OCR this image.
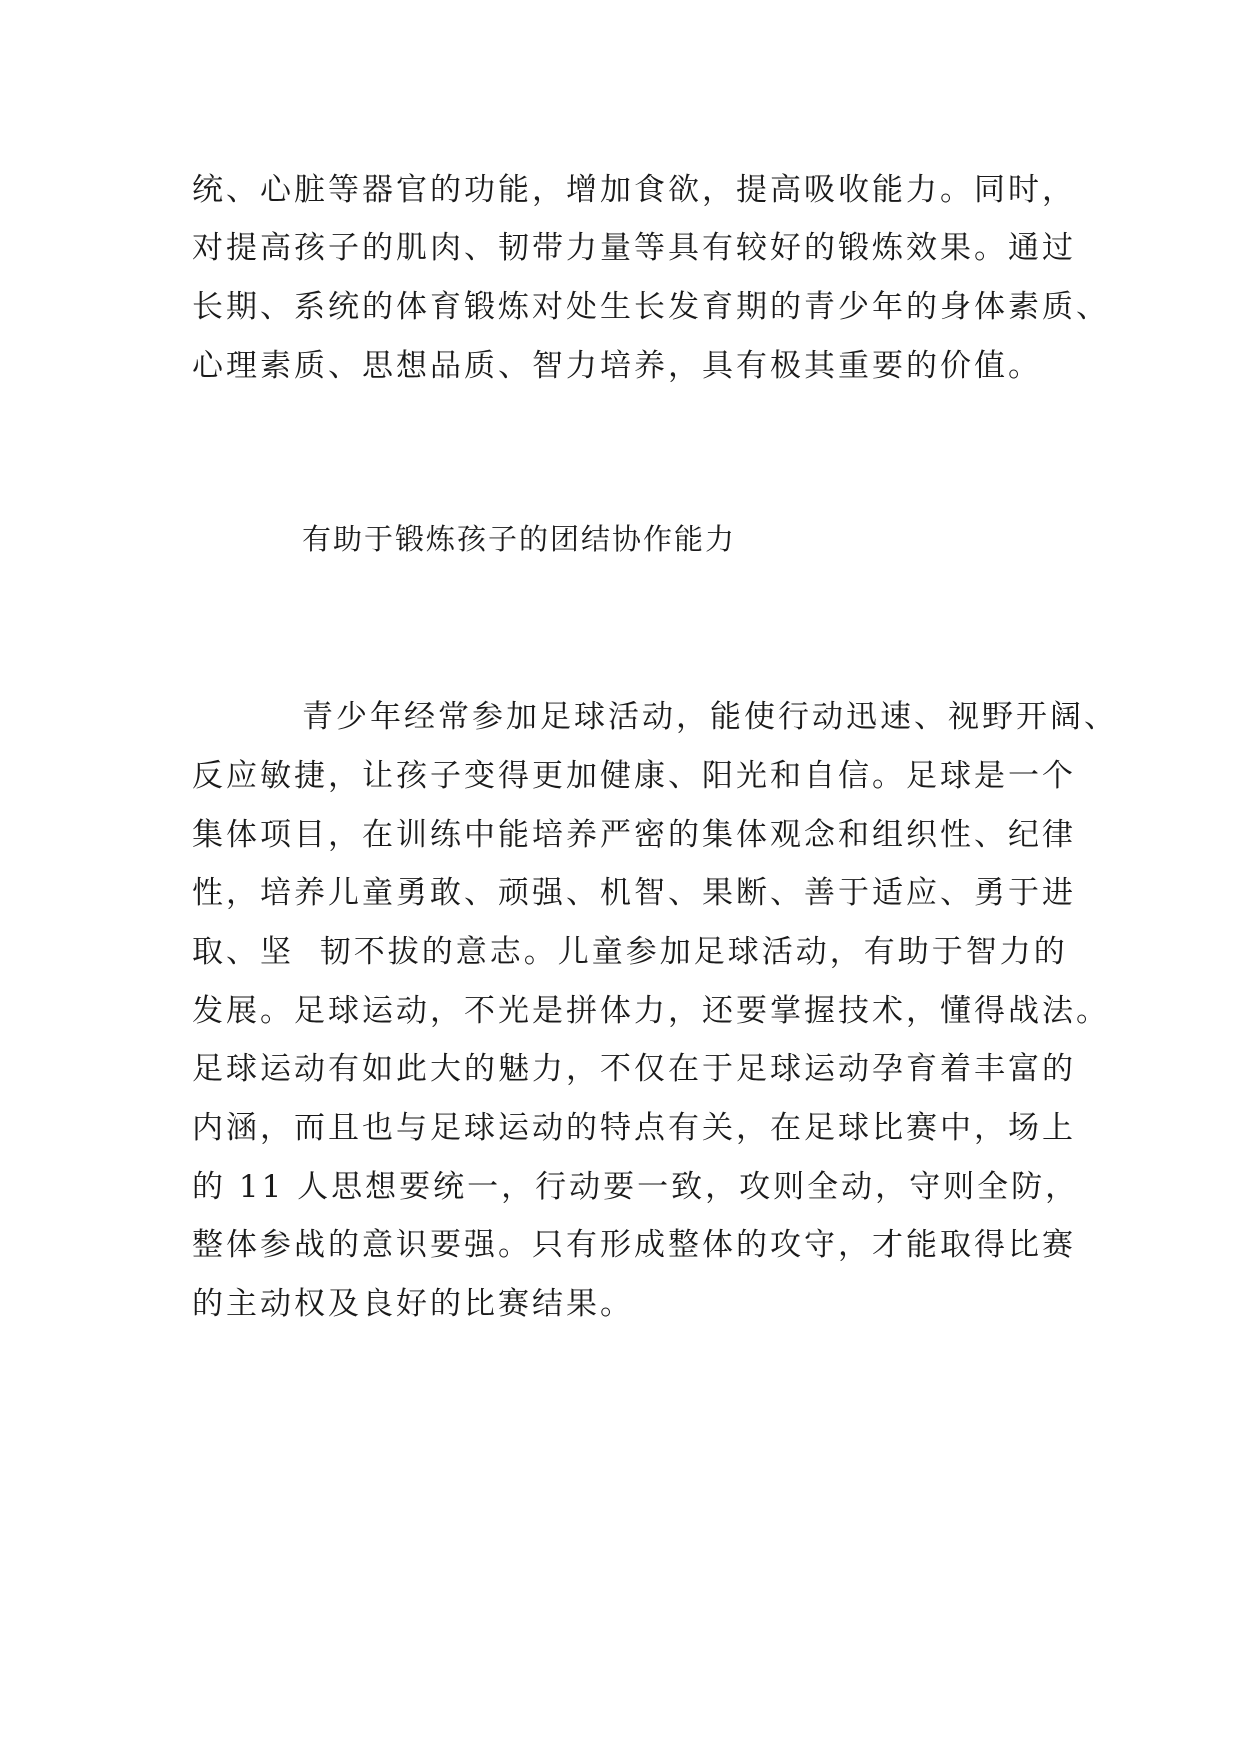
统、心脏等器官的功能，增加食欲，提高吸收能力。同时，
对提高孩子的肌肉、韧带力量等具有较好的锻炼效果。通过
长期、系统的体育锻炼对处生长发育期的青少年的身体素质、
心理素质、思想品质、智力培养，具有极其重要的价值。
有助于锻炼孩子的团结协作能力
青少年经常参加足球活动，能使行动迅速、视野开阔、
反应敏捷，让孩子变得更加健康、阳光和自信。足球是一个
集体项目，在训练中能培养严密的集体观念和组织性、纪律
性，培养儿童勇敢、顽强、机智、果断、善于适应、勇于进
取、坚  韧不拔的意志。儿童参加足球活动，有助于智力的
发展。足球运动，不光是拼体力，还要掌握技术，懂得战法。
足球运动有如此大的魅力，不仅在于足球运动孕育着丰富的
内涵，而且也与足球运动的特点有关，在足球比赛中，场上
的 11 人思想要统一，行动要一致，攻则全动，守则全防，
整体参战的意识要强。只有形成整体的攻守，才能取得比赛
的主动权及良好的比赛结果。
